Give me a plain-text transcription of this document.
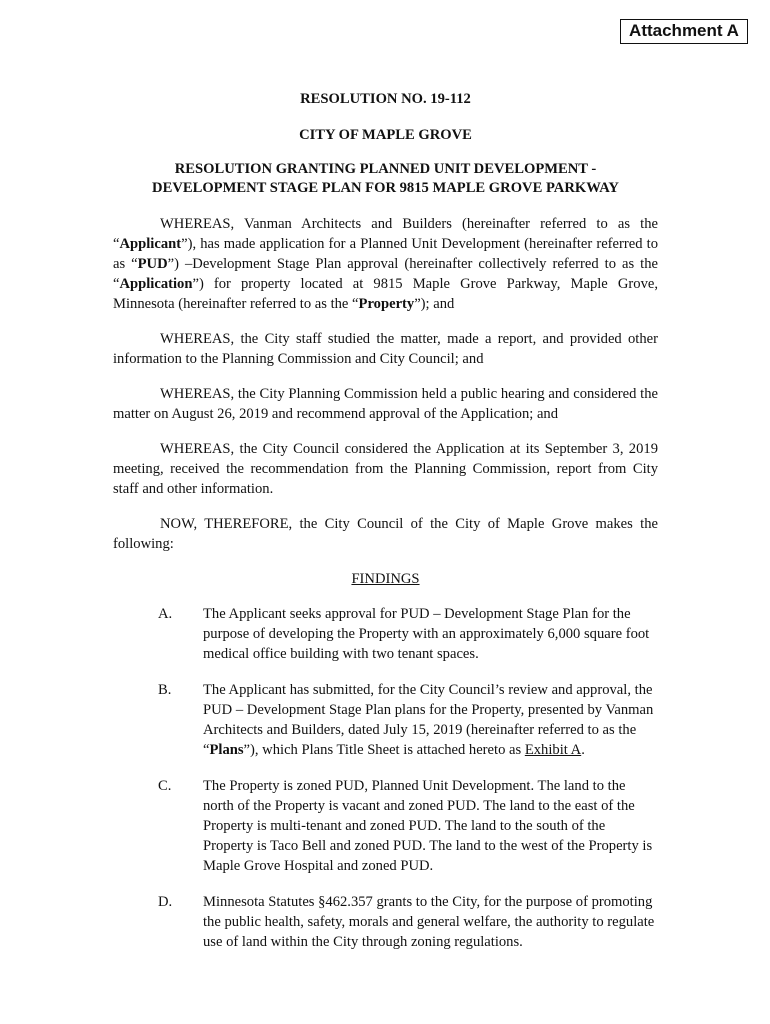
Attachment A
RESOLUTION NO. 19-112
CITY OF MAPLE GROVE
RESOLUTION GRANTING PLANNED UNIT DEVELOPMENT -
DEVELOPMENT STAGE PLAN FOR 9815 MAPLE GROVE PARKWAY

WHEREAS, Vanman Architects and Builders (hereinafter referred to as the “Applicant”), has made application for a Planned Unit Development (hereinafter referred to as “PUD”) –Development Stage Plan approval (hereinafter collectively referred to as the “Application”) for property located at 9815 Maple Grove Parkway, Maple Grove, Minnesota (hereinafter referred to as the “Property”); and

WHEREAS, the City staff studied the matter, made a report, and provided other information to the Planning Commission and City Council; and

WHEREAS, the City Planning Commission held a public hearing and considered the matter on August 26, 2019 and recommend approval of the Application; and

WHEREAS, the City Council considered the Application at its September 3, 2019 meeting, received the recommendation from the Planning Commission, report from City staff and other information.

NOW, THEREFORE, the City Council of the City of Maple Grove makes the following:

FINDINGS
A.	The Applicant seeks approval for PUD – Development Stage Plan for the purpose of developing the Property with an approximately 6,000 square foot medical office building with two tenant spaces.
B.	The Applicant has submitted, for the City Council’s review and approval, the PUD – Development Stage Plan plans for the Property, presented by Vanman Architects and Builders, dated July 15, 2019 (hereinafter referred to as the “Plans”), which Plans Title Sheet is attached hereto as Exhibit A.
C.	The Property is zoned PUD, Planned Unit Development. The land to the north of the Property is vacant and zoned PUD. The land to the east of the Property is multi-tenant and zoned PUD. The land to the south of the Property is Taco Bell and zoned PUD. The land to the west of the Property is Maple Grove Hospital and zoned PUD.
D.	Minnesota Statutes §462.357 grants to the City, for the purpose of promoting the public health, safety, morals and general welfare, the authority to regulate use of land within the City through zoning regulations.
